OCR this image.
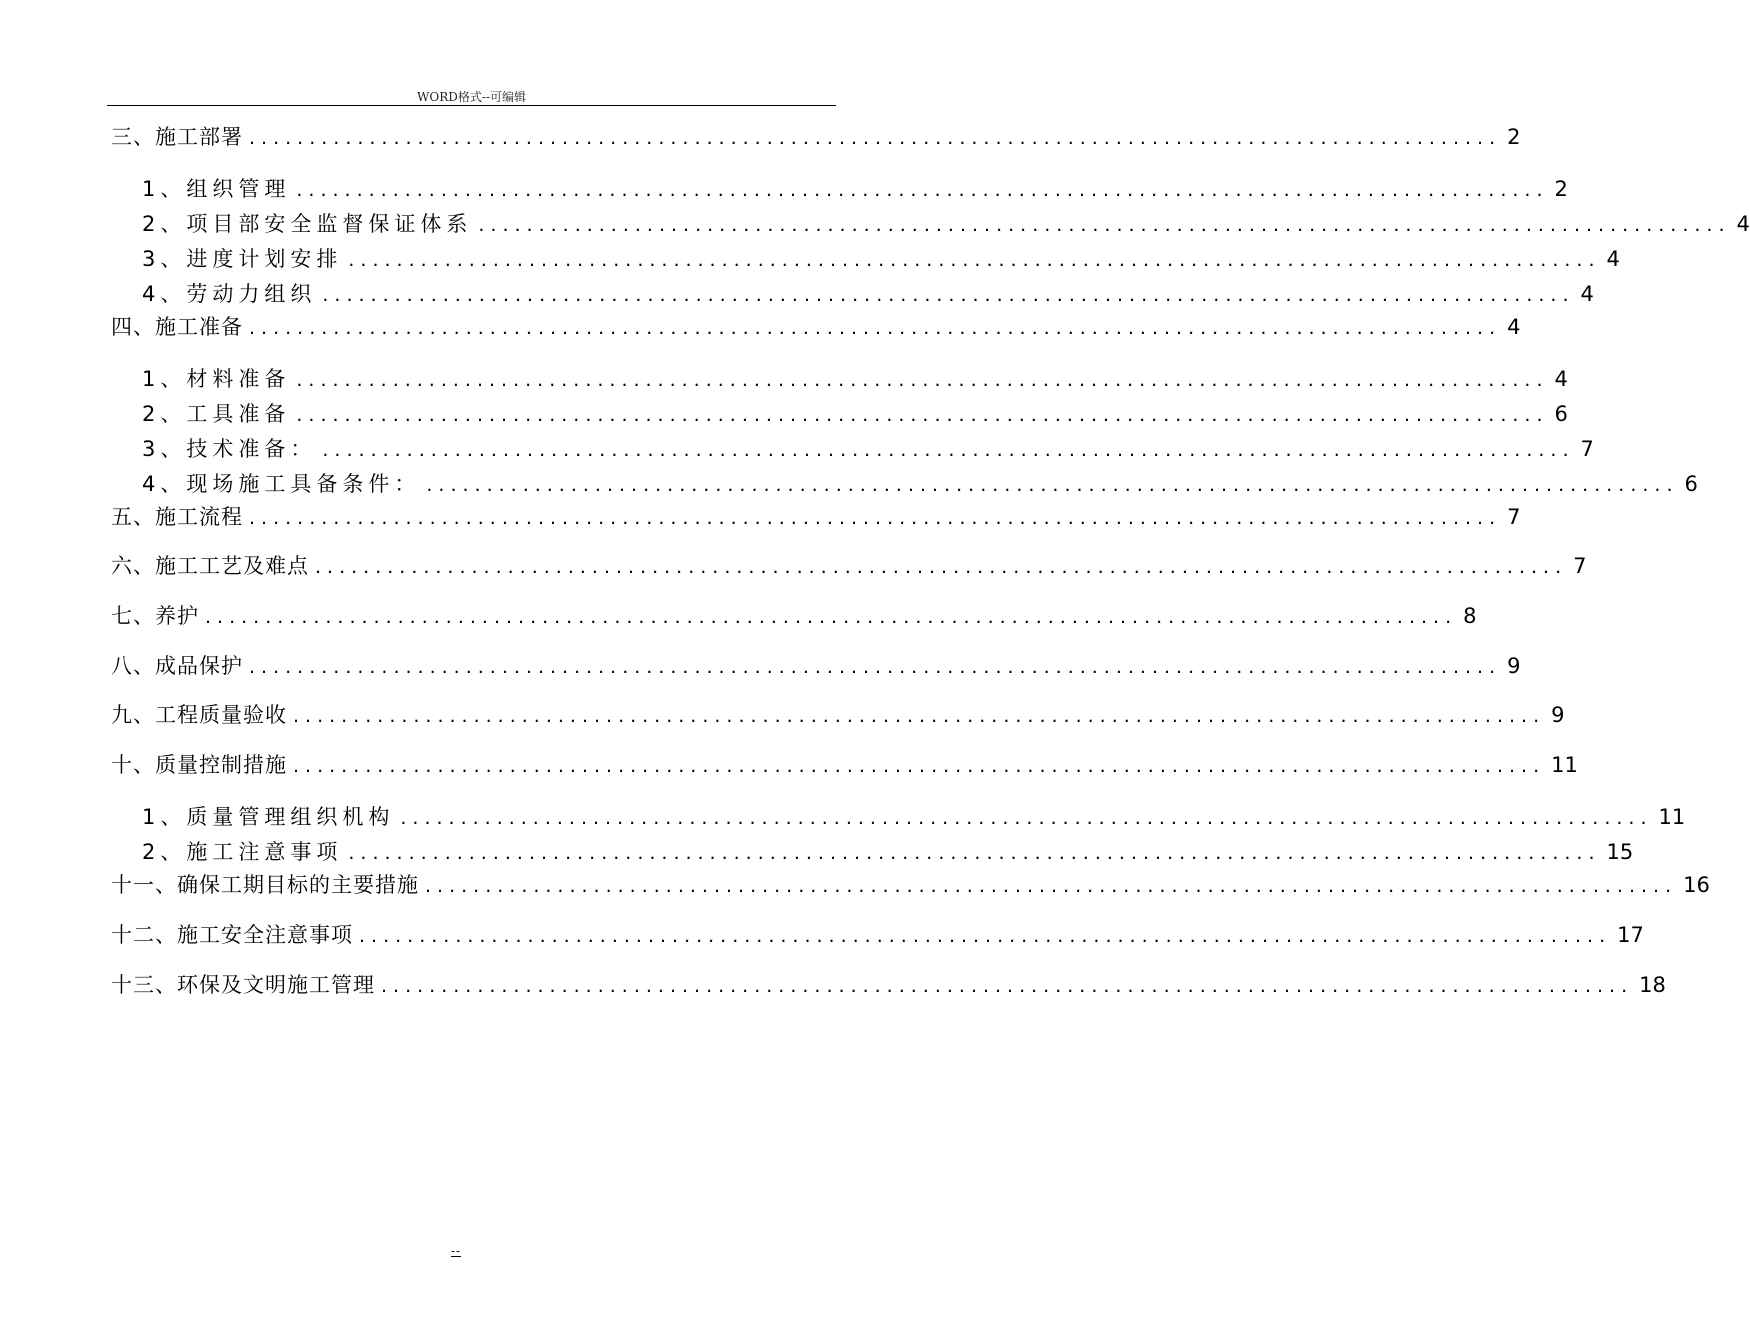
WORD格式--可编辑
三、施工部署 ........................................................................................................ 2
1、组织管理 ........................................................................................................ 2
2、项目部安全监督保证体系 ........................................................................................................ 4
3、进度计划安排 ........................................................................................................ 4
4、劳动力组织 ........................................................................................................ 4
四、施工准备 ........................................................................................................ 4
1、材料准备 ........................................................................................................ 4
2、工具准备 ........................................................................................................ 6
3、技术准备： ........................................................................................................ 7
4、现场施工具备条件： ........................................................................................................ 6
五、施工流程 ........................................................................................................ 7
六、施工工艺及难点 ........................................................................................................ 7
七、养护 ........................................................................................................ 8
八、成品保护 ........................................................................................................ 9
九、工程质量验收 ........................................................................................................ 9
十、质量控制措施 ........................................................................................................ 11
1、质量管理组织机构 ........................................................................................................ 11
2、施工注意事项 ........................................................................................................ 15
十一、确保工期目标的主要措施 ........................................................................................................ 16
十二、施工安全注意事项 ........................................................................................................ 17
十三、环保及文明施工管理 ........................................................................................................ 18
--
